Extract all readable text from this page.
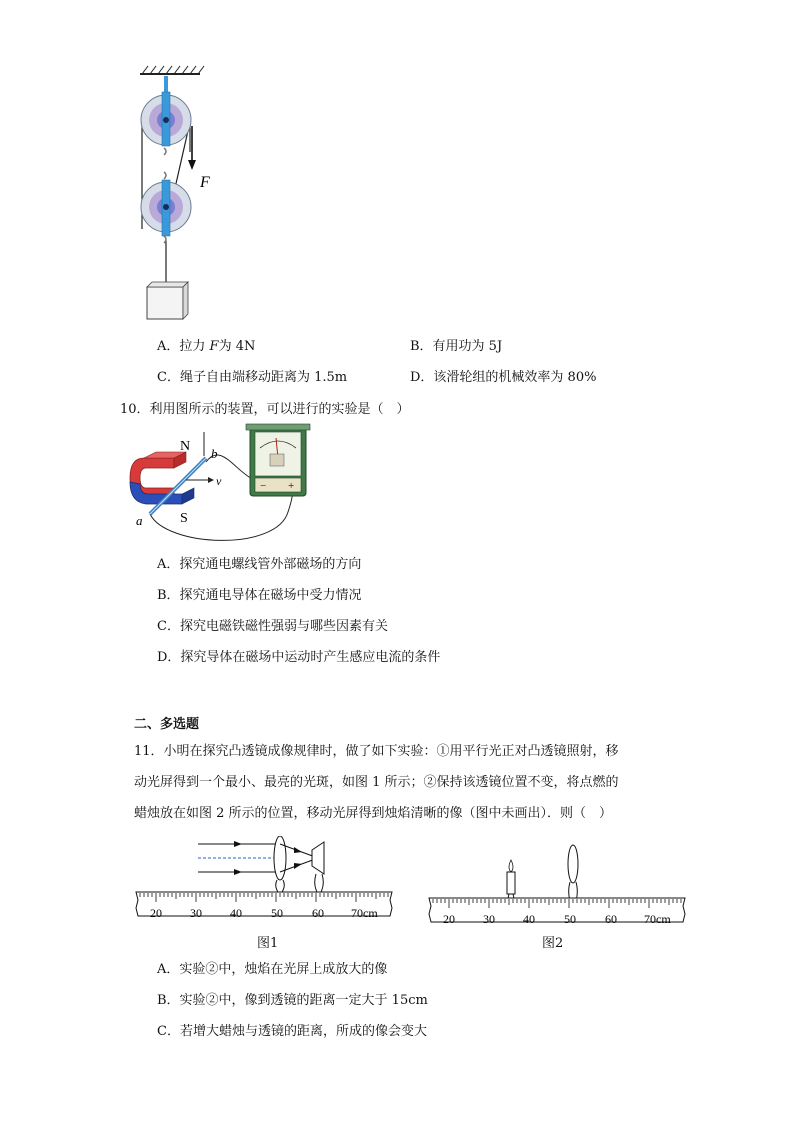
F
A．拉力 F为 4N	B．有用功为 5J
C．绳子自由端移动距离为 1.5m	D．该滑轮组的机械效率为 80%
10．利用图所示的装置，可以进行的实验是（　）
v
N
S
b
a
− +
A．探究通电螺线管外部磁场的方向
B．探究通电导体在磁场中受力情况
C．探究电磁铁磁性强弱与哪些因素有关
D．探究导体在磁场中运动时产生感应电流的条件
二、多选题
11．小明在探究凸透镜成像规律时，做了如下实验：①用平行光正对凸透镜照射，移
动光屏得到一个最小、最亮的光斑，如图 1 所示；②保持该透镜位置不变，将点燃的
蜡烛放在如图 2 所示的位置，移动光屏得到烛焰清晰的像（图中未画出）．则（　）
20 30 40 50 60 70cm
图1
20 30 40 50 60 70cm
图2
A．实验②中，烛焰在光屏上成放大的像
B．实验②中，像到透镜的距离一定大于 15cm
C．若增大蜡烛与透镜的距离，所成的像会变大
